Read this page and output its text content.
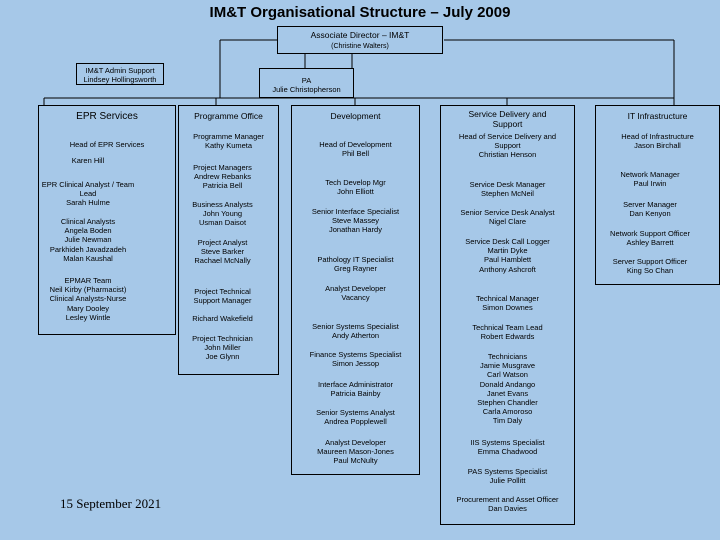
IM&T Organisational Structure – July 2009
Associate Director – IM&T
(Christine Walters)
IM&T Admin Support
Lindsey Hollingsworth	PA
Julie Christopherson
EPR Services	Programme Office	Development	Service Delivery and
Support
IT Infrastructure
Head of EPR Services
Karen Hill
EPR Clinical Analyst / Team Lead
Sarah Hulme
Clinical Analysts
Angela Boden
Julie Newman
Parkhideh Javadzadeh
Malan Kaushal
EPMAR Team
Neil Kirby (Pharmacist)
Clinical Analysts-Nurse
Mary Dooley
Lesley Wintle
Programme Manager
Kathy Kumeta
Project Managers
Andrew Rebanks
Patricia Bell
Business Analysts
John Young
Usman Daisot
Project Analyst
Steve Barker
Rachael McNally
Project Technical
Support Manager
Richard Wakefield
Project Technician
John Miller
Joe Glynn
Head of Development
Phil Bell
Tech Develop Mgr
John Elliott
Senior Interface Specialist
Steve Massey
Jonathan Hardy
Pathology IT Specialist
Greg Rayner
Analyst Developer
Vacancy
Senior Systems Specialist
Andy Atherton
Finance Systems Specialist
Simon Jessop
Interface Administrator
Patricia Bainby
Senior Systems Analyst
Andrea Popplewell
Analyst Developer
Maureen Mason-Jones
Paul McNulty
Head of Service Delivery and
Support
Christian Henson
Service Desk Manager
Stephen McNeil
Senior Service Desk Analyst
Nigel Clare
Service Desk Call Logger
Martin Dyke
Paul Hamblett
Anthony Ashcroft
Technical Manager
Simon Downes
Technical Team Lead
Robert Edwards
Technicians
Jamie Musgrave
Carl Watson
Donald Andango
Janet Evans
Stephen Chandler
Carla Amoroso
Tim Daly
IIS Systems Specialist
Emma Chadwood
PAS Systems Specialist
Julie Pollitt
Procurement and Asset Officer
Dan Davies
Head of Infrastructure
Jason Birchall
Network Manager
Paul Irwin
Server Manager
Dan Kenyon
Network Support Officer
Ashley Barrett
Server Support Officer
King So Chan
15 September 2021
